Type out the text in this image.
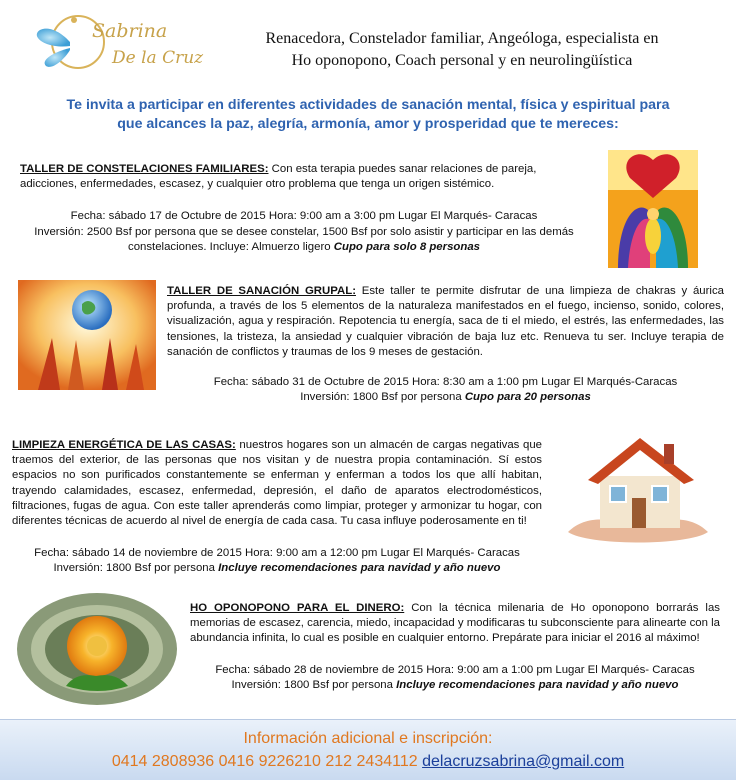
Sabrina
De la Cruz
Renacedora, Constelador familiar, Angeóloga, especialista en
Ho oponopono, Coach personal y en neurolingüística
Te invita a participar en diferentes actividades de sanación mental, física y espiritual para
que alcances la paz, alegría, armonía, amor y prosperidad que te mereces:
TALLER DE CONSTELACIONES FAMILIARES: Con esta terapia puedes sanar relaciones de pareja, adicciones, enfermedades, escasez, y cualquier otro problema que tenga un origen sistémico.
Fecha: sábado 17 de Octubre de 2015 Hora: 9:00 am a 3:00 pm Lugar El Marqués- Caracas
Inversión: 2500 Bsf por persona que se desee constelar, 1500 Bsf por solo asistir y participar en las demás constelaciones. Incluye: Almuerzo ligero Cupo para solo 8 personas
TALLER DE SANACIÓN GRUPAL: Este taller te permite disfrutar de una limpieza de chakras y áurica profunda, a través de los 5 elementos de la naturaleza manifestados en el fuego, incienso, sonido, colores, visualización, agua y respiración. Repotencia tu energía, saca de ti el miedo, el estrés, las enfermedades, las tensiones, la tristeza, la ansiedad y cualquier vibración de baja luz etc. Renueva tu ser. Incluye terapia de sanación de conflictos y traumas de los 9 meses de gestación.
Fecha: sábado 31 de Octubre de 2015 Hora: 8:30 am a 1:00 pm Lugar El Marqués-Caracas
Inversión: 1800 Bsf por persona Cupo para 20 personas
LIMPIEZA ENERGÉTICA DE LAS CASAS: nuestros hogares son un almacén de cargas negativas que traemos del exterior, de las personas que nos visitan y de nuestra propia contaminación. Sí estos espacios no son purificados constantemente se enferman y enferman a todos los que allí habitan, trayendo calamidades, escasez, enfermedad, depresión, el daño de aparatos electrodomésticos, filtraciones, fugas de agua. Con este taller aprenderás como limpiar, proteger y armonizar tu hogar, con diferentes técnicas de acuerdo al nivel de energía de cada casa. Tu casa influye poderosamente en ti!
Fecha: sábado 14 de noviembre de 2015 Hora: 9:00 am a 12:00 pm Lugar El Marqués- Caracas
Inversión: 1800 Bsf por persona Incluye recomendaciones para navidad y año nuevo
HO OPONOPONO PARA EL DINERO: Con la técnica milenaria de Ho oponopono borrarás las memorias de escasez, carencia, miedo, incapacidad y modificaras tu subconsciente para alinearte con la abundancia infinita, lo cual es posible en cualquier entorno. Prepárate para iniciar el 2016 al máximo!
Fecha: sábado 28 de noviembre de 2015 Hora: 9:00 am a 1:00 pm Lugar El Marqués- Caracas
Inversión: 1800 Bsf por persona Incluye recomendaciones para navidad y año nuevo
Información adicional e inscripción:
0414 2808936 0416 9226210 212 2434112 delacruzsabrina@gmail.com
